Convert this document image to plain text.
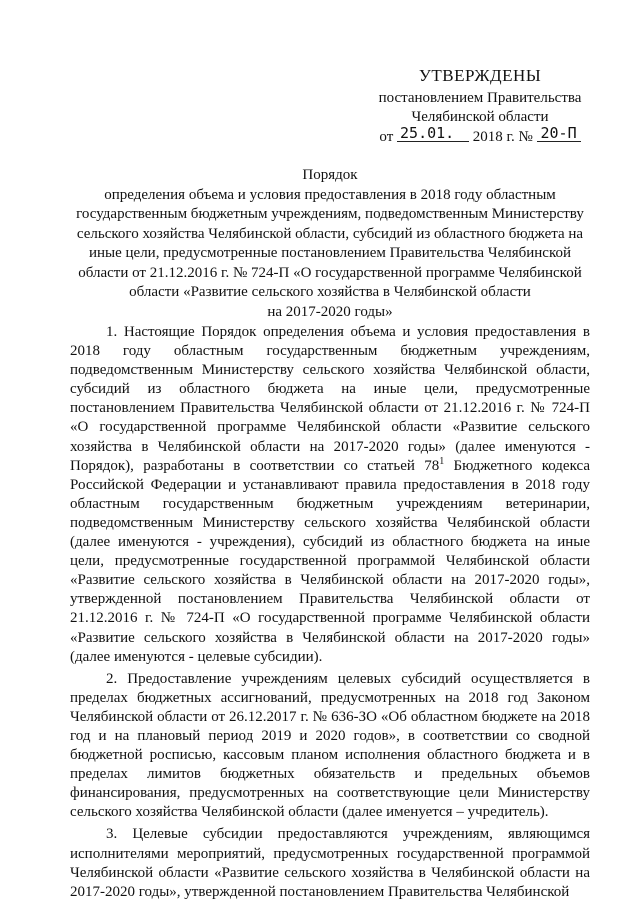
УТВЕРЖДЕНЫ
постановлением Правительства
Челябинской области
от 25.01. 2018 г. № 20-П
Порядок
определения объема и условия предоставления в 2018 году областным
государственным бюджетным учреждениям, подведомственным Министерству
сельского хозяйства Челябинской области, субсидий из областного бюджета на
иные цели, предусмотренные постановлением Правительства Челябинской
области от 21.12.2016 г. № 724-П «О государственной программе Челябинской
области «Развитие сельского хозяйства в Челябинской области
на 2017-2020 годы»

1. Настоящие Порядок определения объема и условия предоставления в 2018 году областным государственным бюджетным учреждениям, подведомственным Министерству сельского хозяйства Челябинской области, субсидий из областного бюджета на иные цели, предусмотренные постановлением Правительства Челябинской области от 21.12.2016 г. № 724-П «О государственной программе Челябинской области «Развитие сельского хозяйства в Челябинской области на 2017-2020 годы» (далее именуются - Порядок), разработаны в соответствии со статьей $78^1$ Бюджетного кодекса Российской Федерации и устанавливают правила предоставления в 2018 году областным государственным бюджетным учреждениям ветеринарии, подведомственным Министерству сельского хозяйства Челябинской области (далее именуются - учреждения), субсидий из областного бюджета на иные цели, предусмотренные государственной программой Челябинской области «Развитие сельского хозяйства в Челябинской области на 2017-2020 годы», утвержденной постановлением Правительства Челябинской области от 21.12.2016 г. № 724-П «О государственной программе Челябинской области «Развитие сельского хозяйства в Челябинской области на 2017-2020 годы» (далее именуются - целевые субсидии).

2. Предоставление учреждениям целевых субсидий осуществляется в пределах бюджетных ассигнований, предусмотренных на 2018 год Законом Челябинской области от 26.12.2017 г. № 636-ЗО «Об областном бюджете на 2018 год и на плановый период 2019 и 2020 годов», в соответствии со сводной бюджетной росписью, кассовым планом исполнения областного бюджета и в пределах лимитов бюджетных обязательств и предельных объемов финансирования, предусмотренных на соответствующие цели Министерству сельского хозяйства Челябинской области (далее именуется – учредитель).

3. Целевые субсидии предоставляются учреждениям, являющимся исполнителями мероприятий, предусмотренных государственной программой Челябинской области «Развитие сельского хозяйства в Челябинской области на 2017-2020 годы», утвержденной постановлением Правительства Челябинской
